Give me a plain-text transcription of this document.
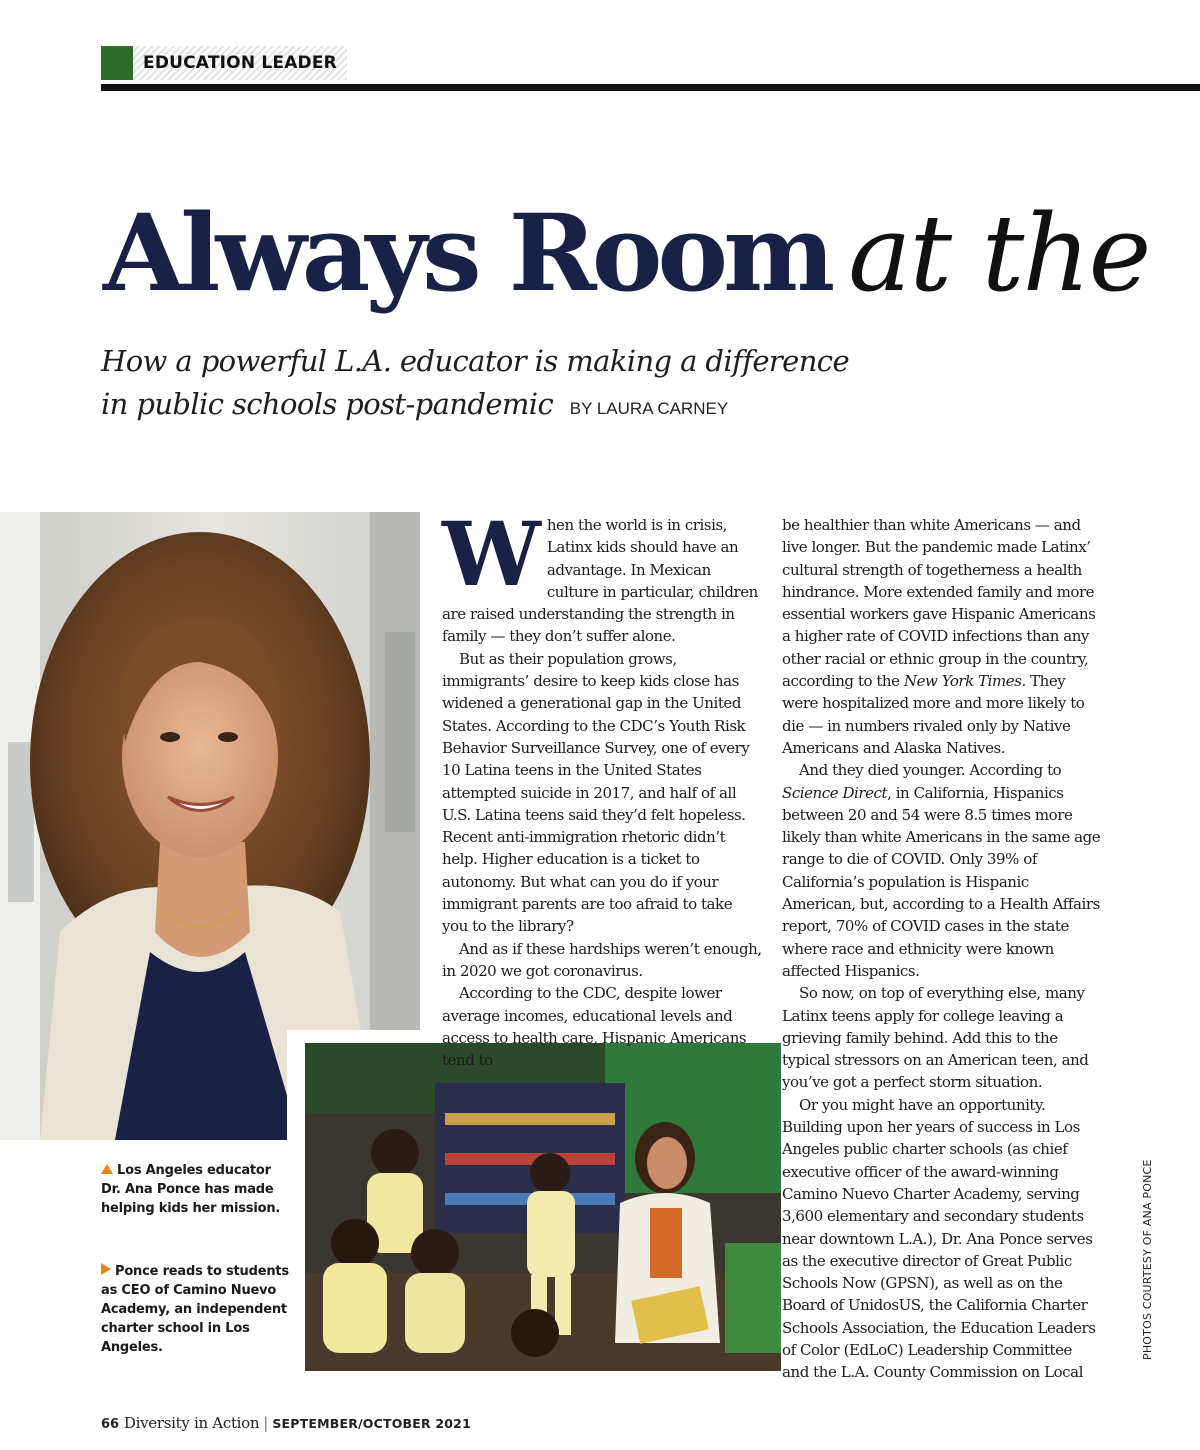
EDUCATION LEADER
Always Room at the

How a powerful L.A. educator is making a difference in public schools post-pandemic BY LAURA CARNEY

Los Angeles educator Dr. Ana Ponce has made helping kids her mission.
Ponce reads to students as CEO of Camino Nuevo Academy, an independent charter school in Los Angeles.

When the world is in crisis, Latinx kids should have an advantage. In Mexican culture in particular, children are raised understanding the strength in family — they don’t suffer alone.

But as their population grows, immigrants’ desire to keep kids close has widened a generational gap in the United States. According to the CDC’s Youth Risk Behavior Surveillance Survey, one of every 10 Latina teens in the United States attempted suicide in 2017, and half of all U.S. Latina teens said they’d felt hopeless. Recent anti-immigration rhetoric didn’t help. Higher education is a ticket to autonomy. But what can you do if your immigrant parents are too afraid to take you to the library?

And as if these hardships weren’t enough, in 2020 we got coronavirus.

According to the CDC, despite lower average incomes, educational levels and access to health care, Hispanic Americans tend to

be healthier than white Americans — and live longer. But the pandemic made Latinx’ cultural strength of togetherness a health hindrance. More extended family and more essential workers gave Hispanic Americans a higher rate of COVID infections than any other racial or ethnic group in the country, according to the New York Times. They were hospitalized more and more likely to die — in numbers rivaled only by Native Americans and Alaska Natives.

And they died younger. According to Science Direct, in California, Hispanics between 20 and 54 were 8.5 times more likely than white Americans in the same age range to die of COVID. Only 39% of California’s population is Hispanic American, but, according to a Health Affairs report, 70% of COVID cases in the state where race and ethnicity were known affected Hispanics.

So now, on top of everything else, many Latinx teens apply for college leaving a grieving family behind. Add this to the typical stressors on an American teen, and you’ve got a perfect storm situation.

Or you might have an opportunity. Building upon her years of success in Los Angeles public charter schools (as chief executive officer of the award-winning Camino Nuevo Charter Academy, serving 3,600 elementary and secondary students near downtown L.A.), Dr. Ana Ponce serves as the executive director of Great Public Schools Now (GPSN), as well as on the Board of UnidosUS, the California Charter Schools Association, the Education Leaders of Color (EdLoC) Leadership Committee and the L.A. County Commission on Local

PHOTOS COURTESY OF ANA PONCE
66 Diversity in Action | SEPTEMBER/OCTOBER 2021
